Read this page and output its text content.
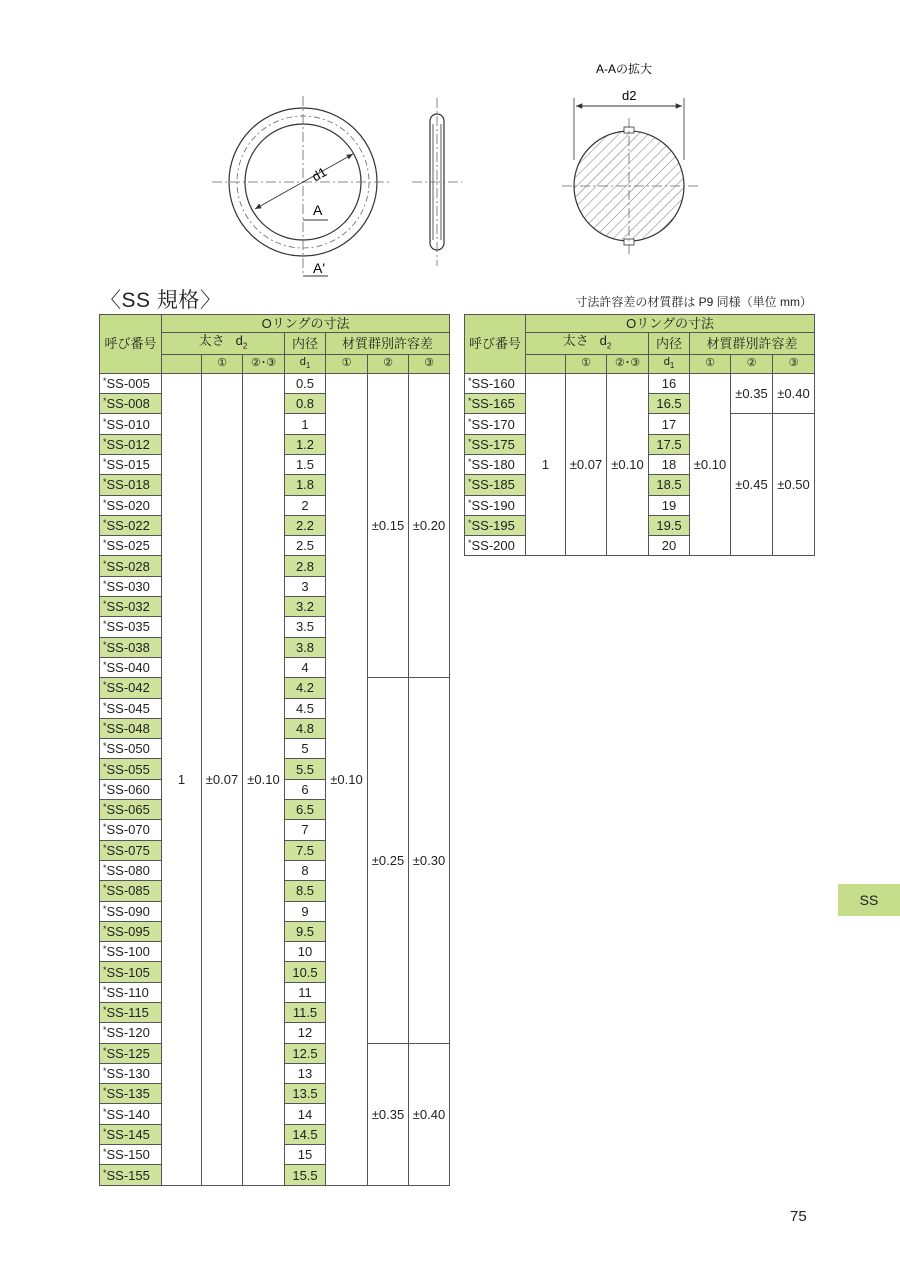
d1
A
A'
A-Aの拡大
d2
〈SS 規格〉	寸法許容差の材質群は P9 同様（単位 mm）
呼び番号	Oリングの寸法						
	太さ $d_2$			内径	材質群別許容差		
		①	②･③	$d_1$	①	②	③
*SS-005	1	±0.07	±0.10	0.5	±0.10	±0.15	±0.20
*SS-008				0.8			
*SS-010				1			
*SS-012				1.2			
*SS-015				1.5			
*SS-018				1.8			
*SS-020				2			
*SS-022				2.2			
*SS-025				2.5			
*SS-028				2.8			
*SS-030				3			
*SS-032				3.2			
*SS-035				3.5			
*SS-038				3.8			
*SS-040				4			
*SS-042				4.2		±0.25	±0.30
*SS-045				4.5			
*SS-048				4.8			
*SS-050				5			
*SS-055				5.5			
*SS-060				6			
*SS-065				6.5			
*SS-070				7			
*SS-075				7.5			
*SS-080				8			
*SS-085				8.5			
*SS-090				9			
*SS-095				9.5			
*SS-100				10			
*SS-105				10.5			
*SS-110				11			
*SS-115				11.5			
*SS-120				12			
*SS-125				12.5		±0.35	±0.40
*SS-130				13			
*SS-135				13.5			
*SS-140				14			
*SS-145				14.5			
*SS-150				15			
*SS-155				15.5			
呼び番号	Oリングの寸法						
	太さ $d_2$			内径	材質群別許容差		
		①	②･③	$d_1$	①	②	③
*SS-160	1	±0.07	±0.10	16	±0.10	±0.35	±0.40
*SS-165				16.5			
*SS-170				17		±0.45	±0.50
*SS-175				17.5			
*SS-180				18			
*SS-185				18.5			
*SS-190				19			
*SS-195				19.5			
*SS-200				20			
SS
75
